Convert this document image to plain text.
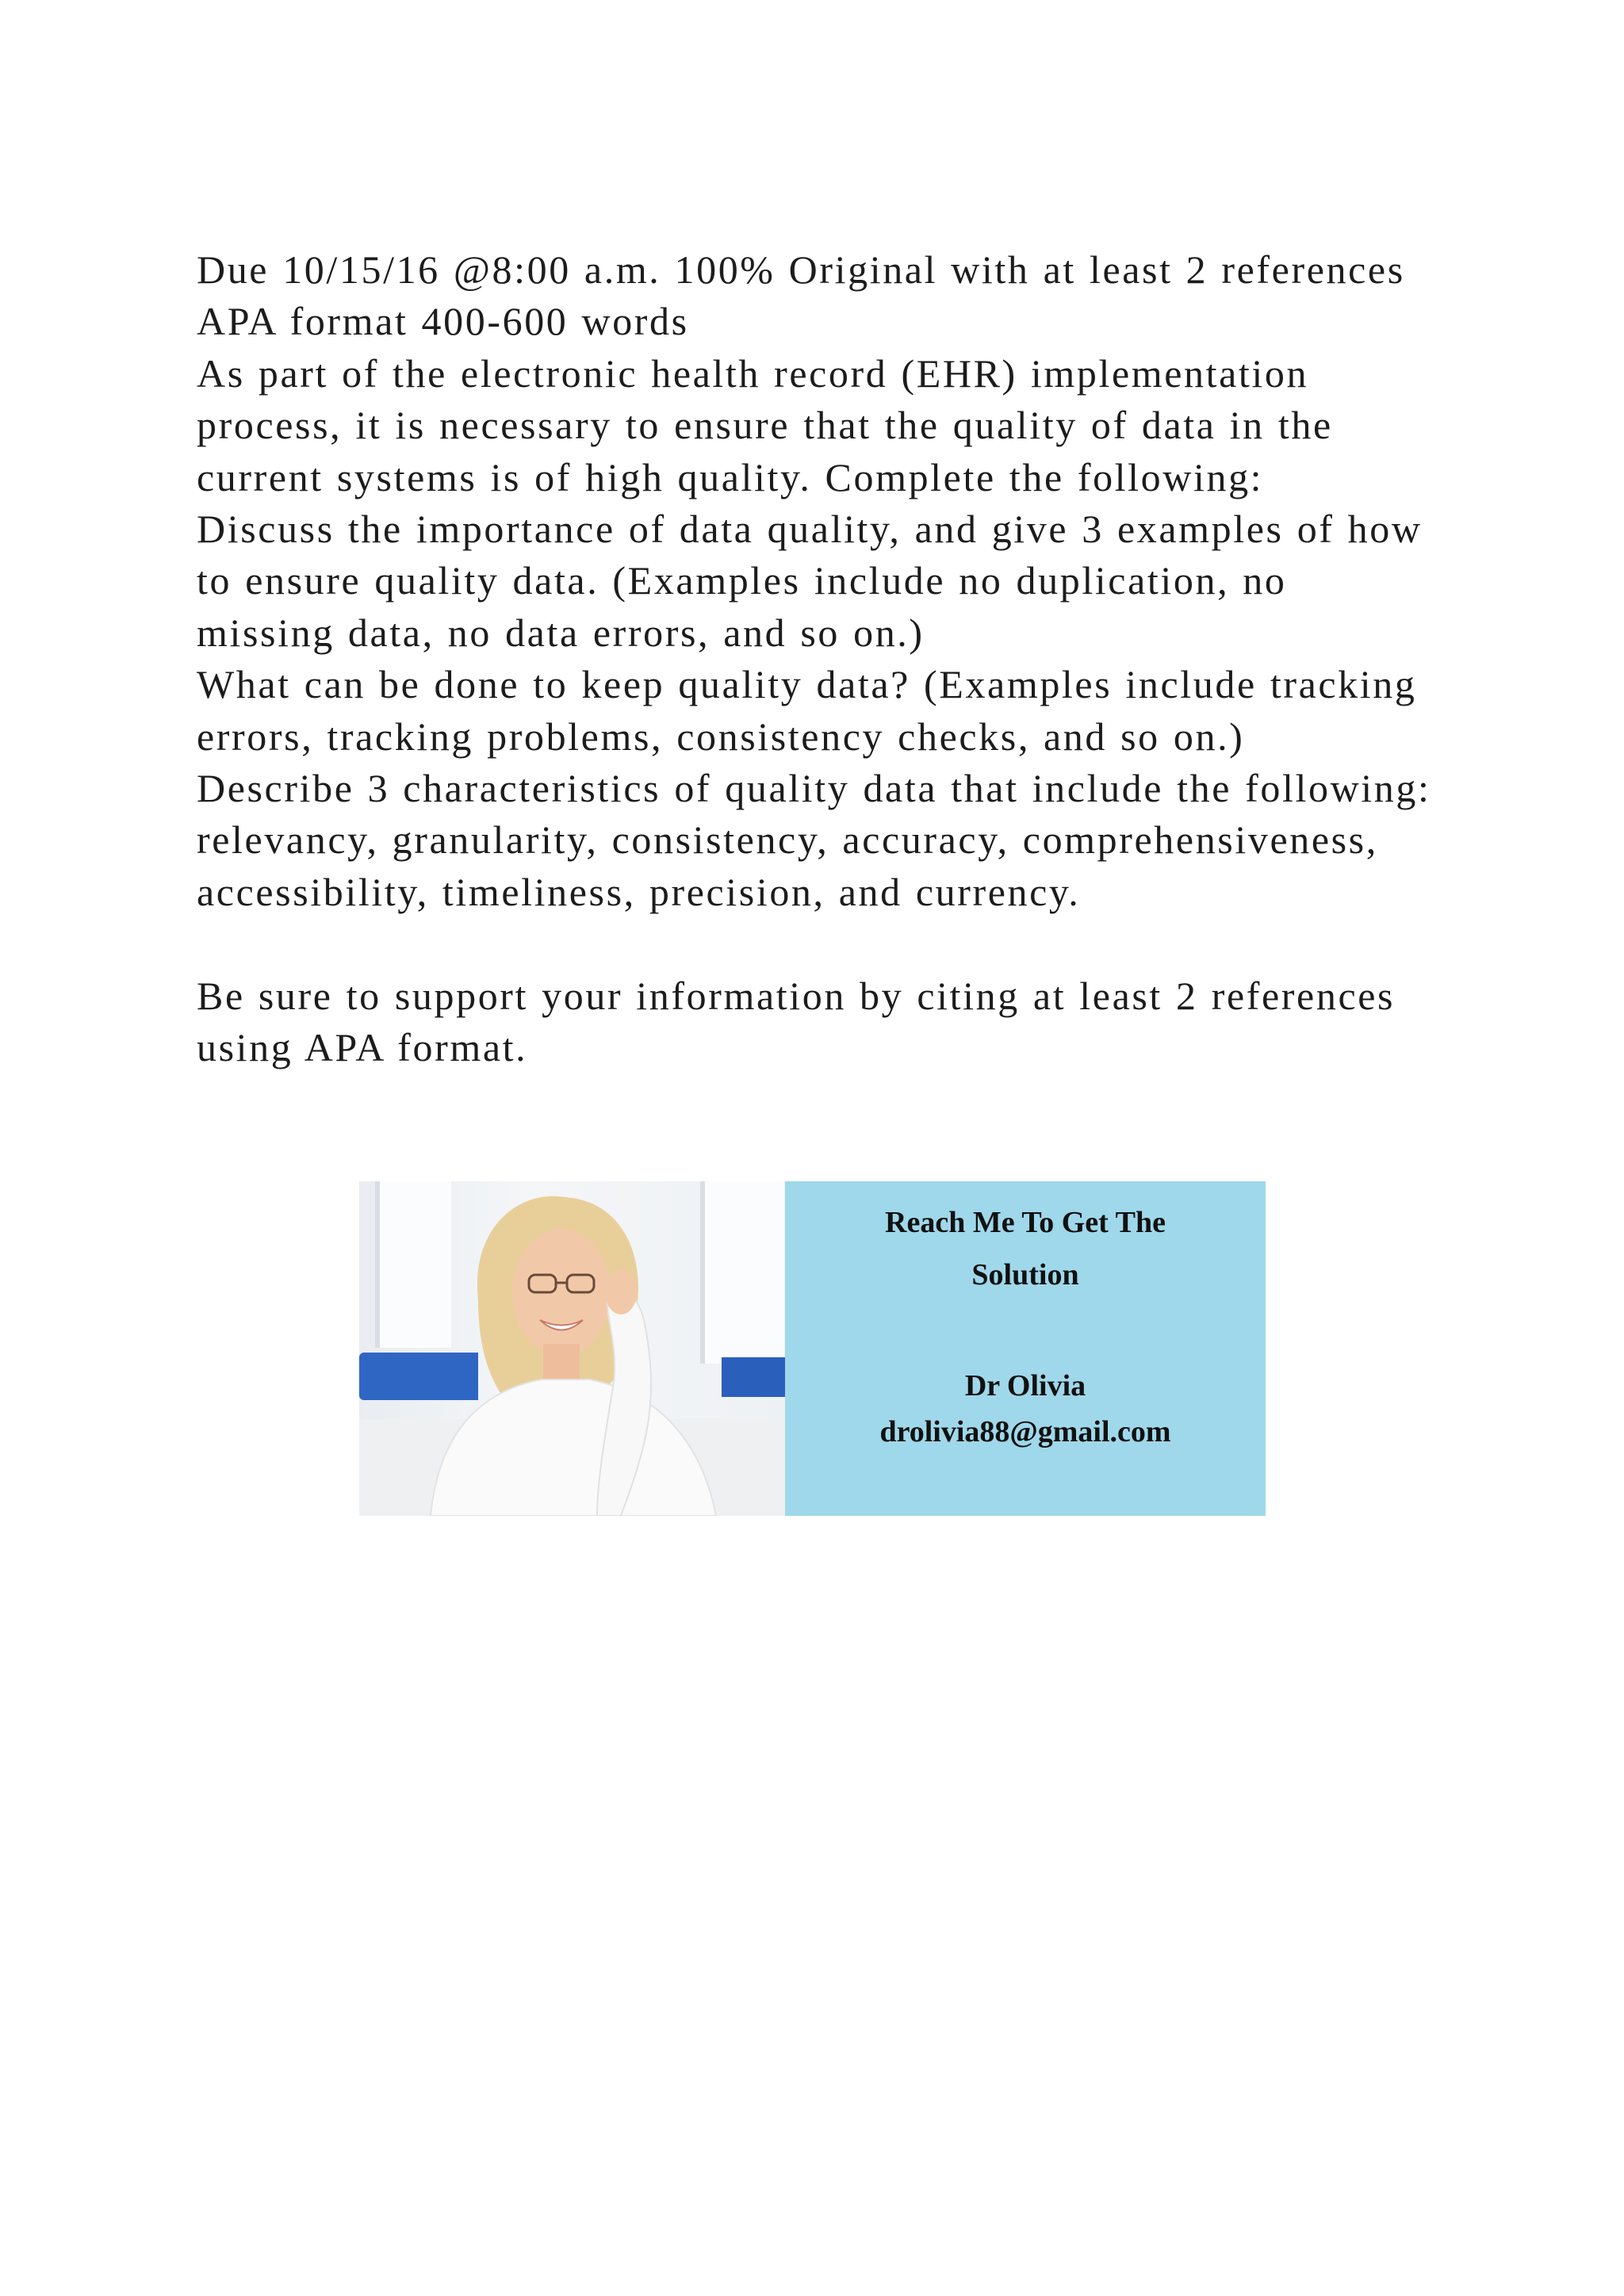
Due 10/15/16 @8:00 a.m. 100% Original with at least 2 references APA format 400-600 words

As part of the electronic health record (EHR) implementation process, it is necessary to ensure that the quality of data in the current systems is of high quality. Complete the following:

Discuss the importance of data quality, and give 3 examples of how to ensure quality data. (Examples include no duplication, no missing data, no data errors, and so on.)

What can be done to keep quality data? (Examples include tracking errors, tracking problems, consistency checks, and so on.)

Describe 3 characteristics of quality data that include the following: relevancy, granularity, consistency, accuracy, comprehensiveness, accessibility, timeliness, precision, and currency.

Be sure to support your information by citing at least 2 references using APA format.

Reach Me To Get The
Solution
Dr Olivia
drolivia88@gmail.com
